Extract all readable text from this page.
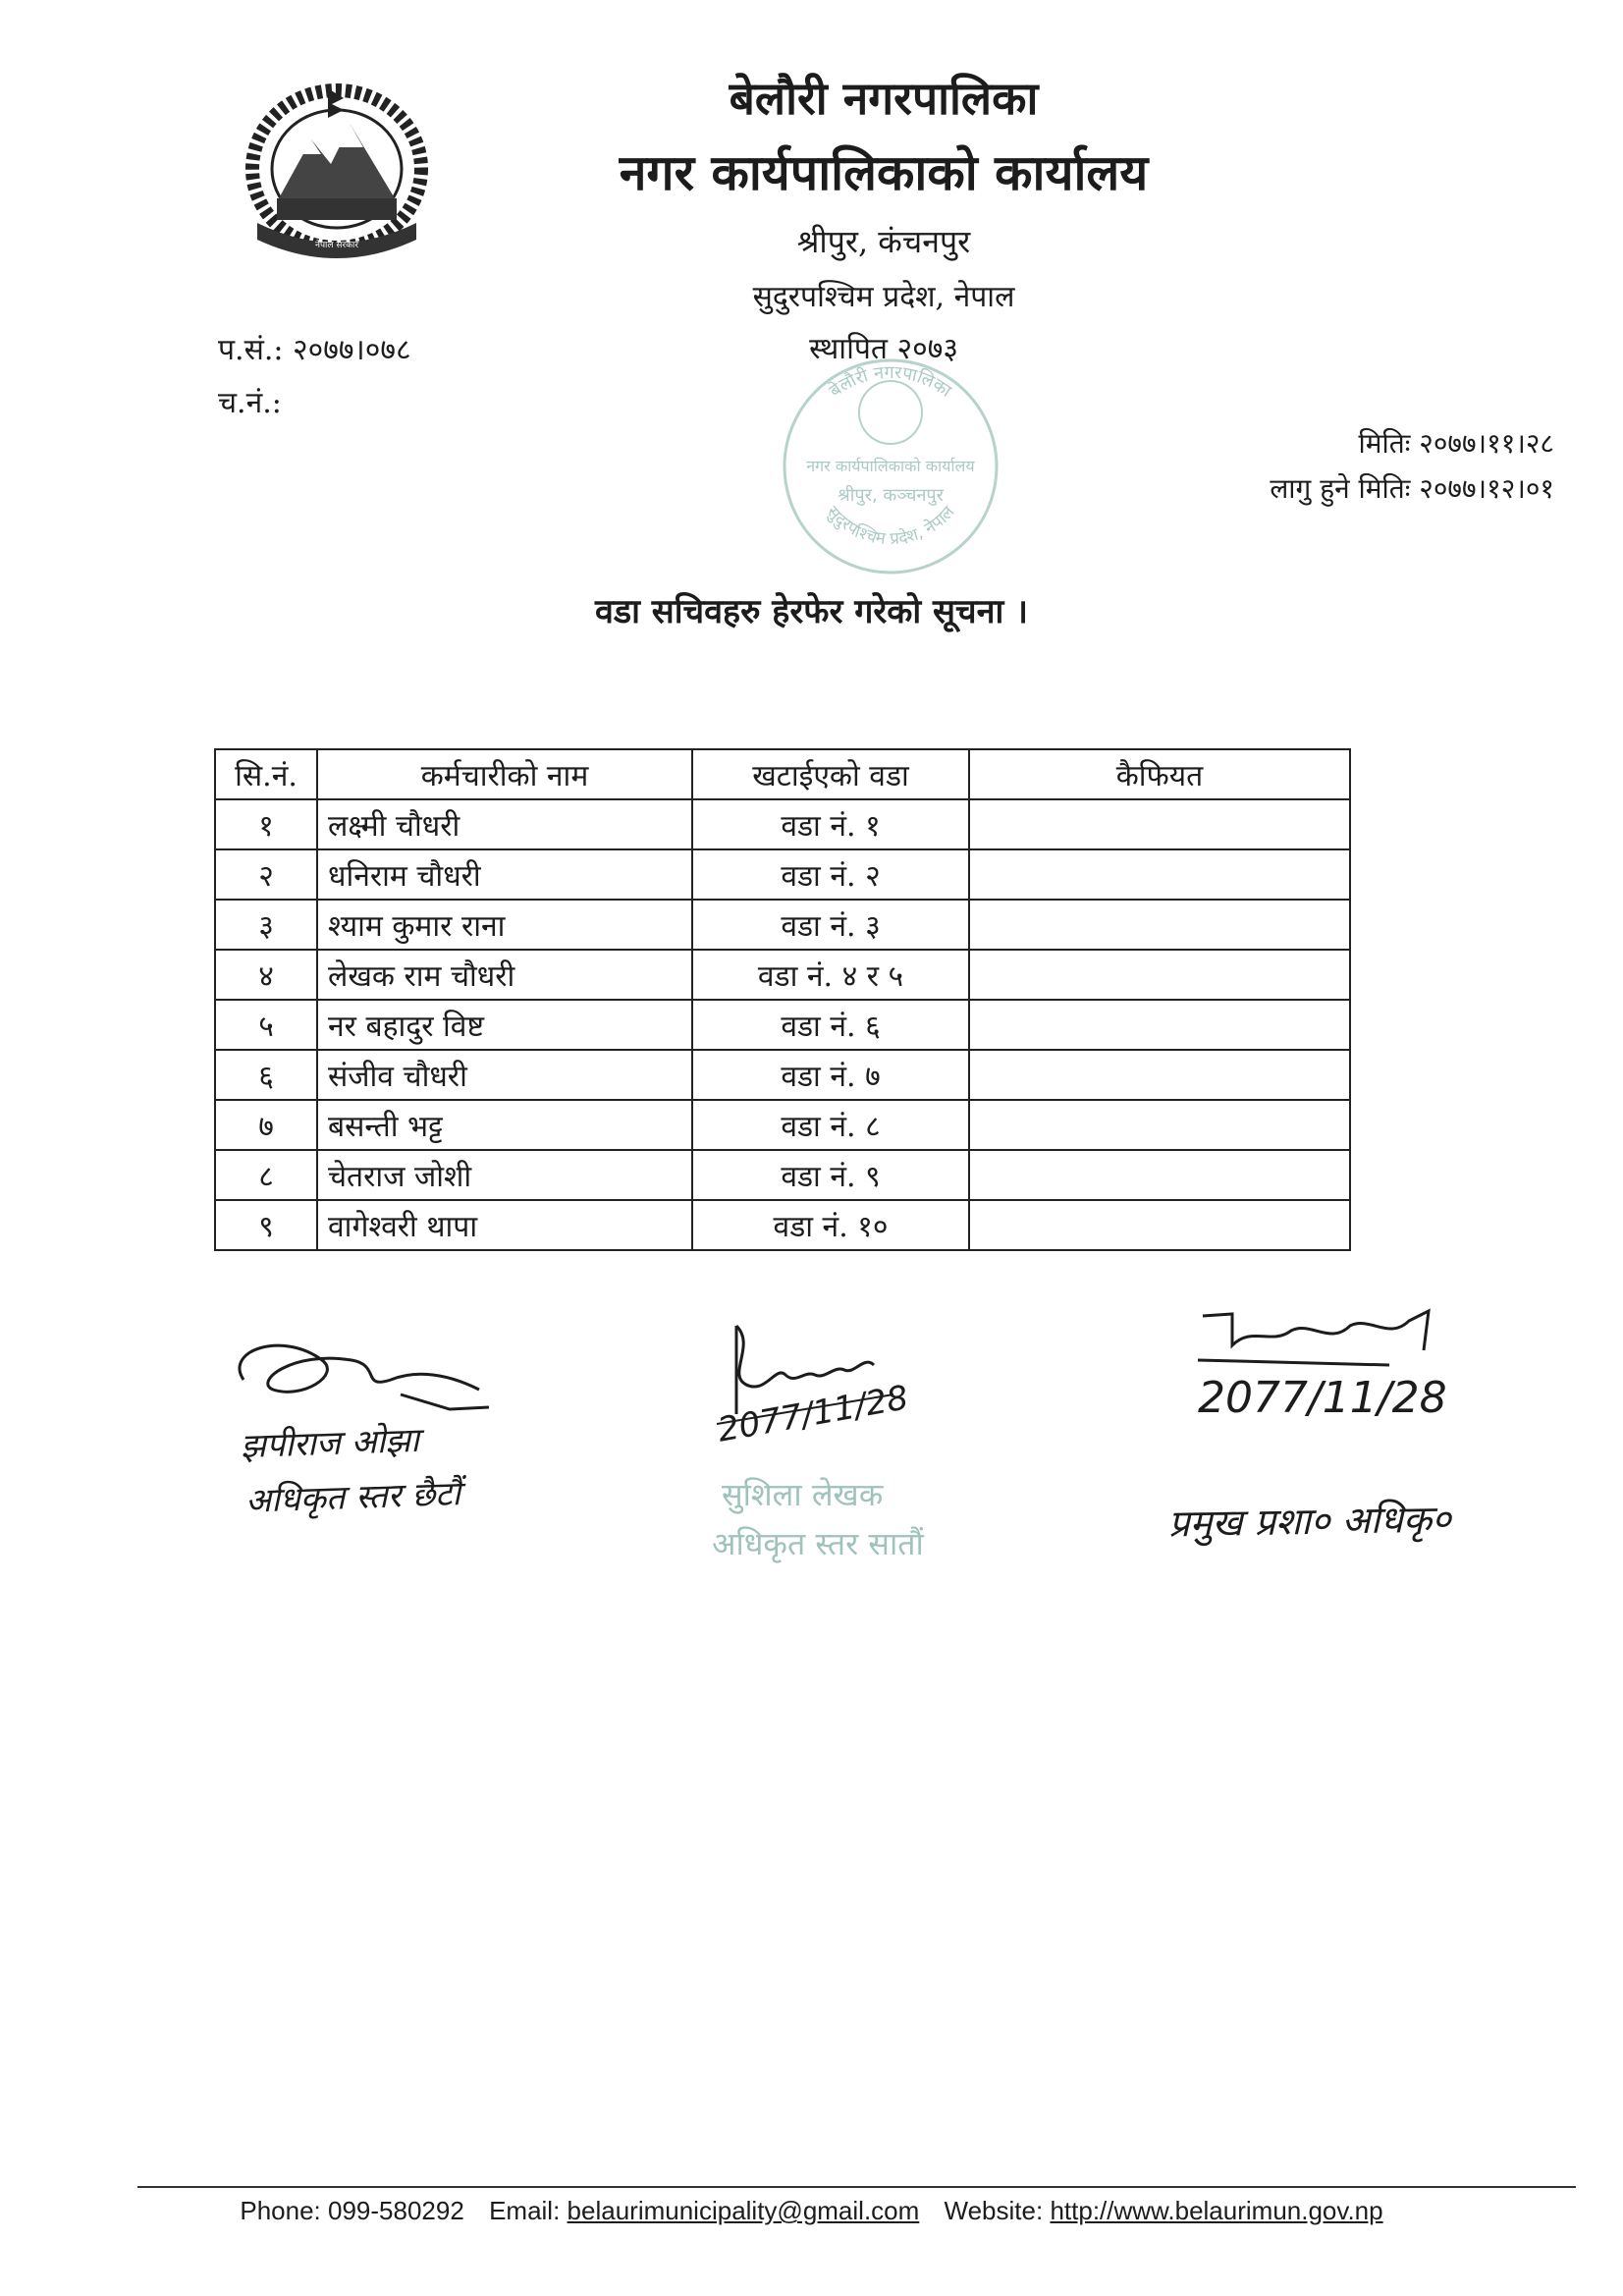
नेपाल सरकार
बेलौरी नगरपालिका
नगर कार्यपालिकाको कार्यालय
श्रीपुर, कंचनपुर
सुदुरपश्चिम प्रदेश, नेपाल
स्थापित २०७३
प.सं.: २०७७।०७८
च.नं.:
मितिः २०७७।११।२८
लागु हुने मितिः २०७७।१२।०१
बेलौरी नगरपालिका
नगर कार्यपालिकाको कार्यालय
श्रीपुर, कञ्चनपुर
सुदुरपश्चिम प्रदेश, नेपाल
वडा सचिवहरु हेरफेर गरेको सूचना ।
सि.नं.	कर्मचारीको नाम	खटाईएको वडा	कैफियत
१	लक्ष्मी चौधरी	वडा नं. १	
२	धनिराम चौधरी	वडा नं. २	
३	श्याम कुमार राना	वडा नं. ३	
४	लेखक राम चौधरी	वडा नं. ४ र ५	
५	नर बहादुर विष्ट	वडा नं. ६	
६	संजीव चौधरी	वडा नं. ७	
७	बसन्ती भट्ट	वडा नं. ८	
८	चेतराज जोशी	वडा नं. ९	
९	वागेश्वरी थापा	वडा नं. १०	
झपीराज ओझा
अधिकृत स्तर छैटौं
2077/11/28
सुशिला लेखक
अधिकृत स्तर सातौं
2077/11/28
प्रमुख प्रशा० अधिकृ०
Phone: 099-580292 Email: belaurimunicipality@gmail.com Website: http://www.belaurimun.gov.np
